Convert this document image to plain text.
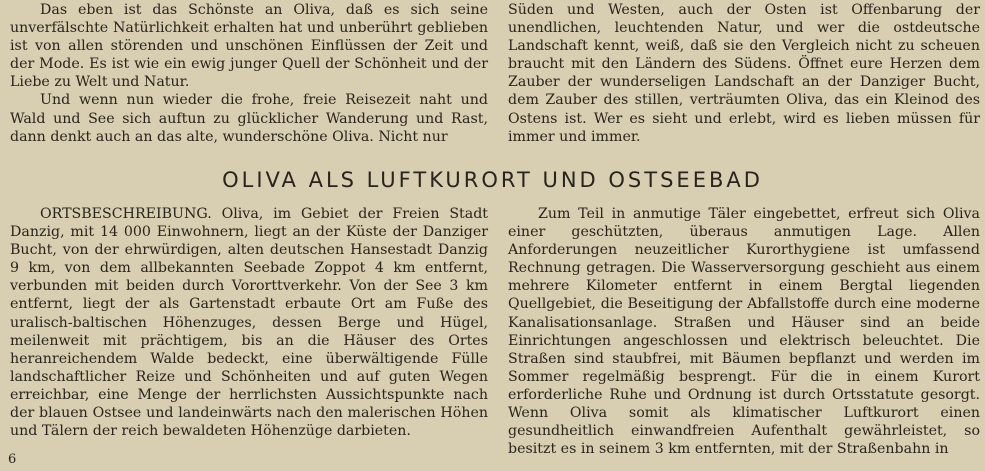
Das eben ist das Schönste an Oliva, daß es sich seine unverfälschte Natürlichkeit erhalten hat und unberührt geblieben ist von allen störenden und unschönen Einflüssen der Zeit und der Mode. Es ist wie ein ewig junger Quell der Schönheit und der Liebe zu Welt und Natur.

Und wenn nun wieder die frohe, freie Reisezeit naht und Wald und See sich auftun zu glücklicher Wanderung und Rast, dann denkt auch an das alte, wunderschöne Oliva. Nicht nur

Süden und Westen, auch der Osten ist Offenbarung der unendlichen, leuchtenden Natur, und wer die ostdeutsche Landschaft kennt, weiß, daß sie den Vergleich nicht zu scheuen braucht mit den Ländern des Südens. Öffnet eure Herzen dem Zauber der wunderseligen Landschaft an der Danziger Bucht, dem Zauber des stillen, verträumten Oliva, das ein Kleinod des Ostens ist. Wer es sieht und erlebt, wird es lieben müssen für immer und immer.

OLIVA ALS LUFTKURORT UND OSTSEEBAD

ORTSBESCHREIBUNG. Oliva, im Gebiet der Freien Stadt Danzig, mit 14 000 Einwohnern, liegt an der Küste der Danziger Bucht, von der ehrwürdigen, alten deutschen Hansestadt Danzig 9 km, von dem allbekannten Seebade Zoppot 4 km entfernt, verbunden mit beiden durch Vororttverkehr. Von der See 3 km entfernt, liegt der als Gartenstadt erbaute Ort am Fuße des uralisch-baltischen Höhenzuges, dessen Berge und Hügel, meilenweit mit prächtigem, bis an die Häuser des Ortes heranreichendem Walde bedeckt, eine überwältigende Fülle landschaftlicher Reize und Schönheiten und auf guten Wegen erreichbar, eine Menge der herrlichsten Aussichtspunkte nach der blauen Ostsee und landeinwärts nach den malerischen Höhen und Tälern der reich bewaldeten Höhenzüge darbieten.

Zum Teil in anmutige Täler eingebettet, erfreut sich Oliva einer geschützten, überaus anmutigen Lage. Allen Anforderungen neuzeitlicher Kurorthygiene ist umfassend Rechnung getragen. Die Wasserversorgung geschieht aus einem mehrere Kilometer entfernt in einem Bergtal liegenden Quellgebiet, die Beseitigung der Abfallstoffe durch eine moderne Kanalisationsanlage. Straßen und Häuser sind an beide Einrichtungen angeschlossen und elektrisch beleuchtet. Die Straßen sind staubfrei, mit Bäumen bepflanzt und werden im Sommer regelmäßig besprengt. Für die in einem Kurort erforderliche Ruhe und Ordnung ist durch Ortsstatute gesorgt. Wenn Oliva somit als klimatischer Luftkurort einen gesundheitlich einwandfreien Aufenthalt gewährleistet, so besitzt es in seinem 3 km entfernten, mit der Straßenbahn in

6
